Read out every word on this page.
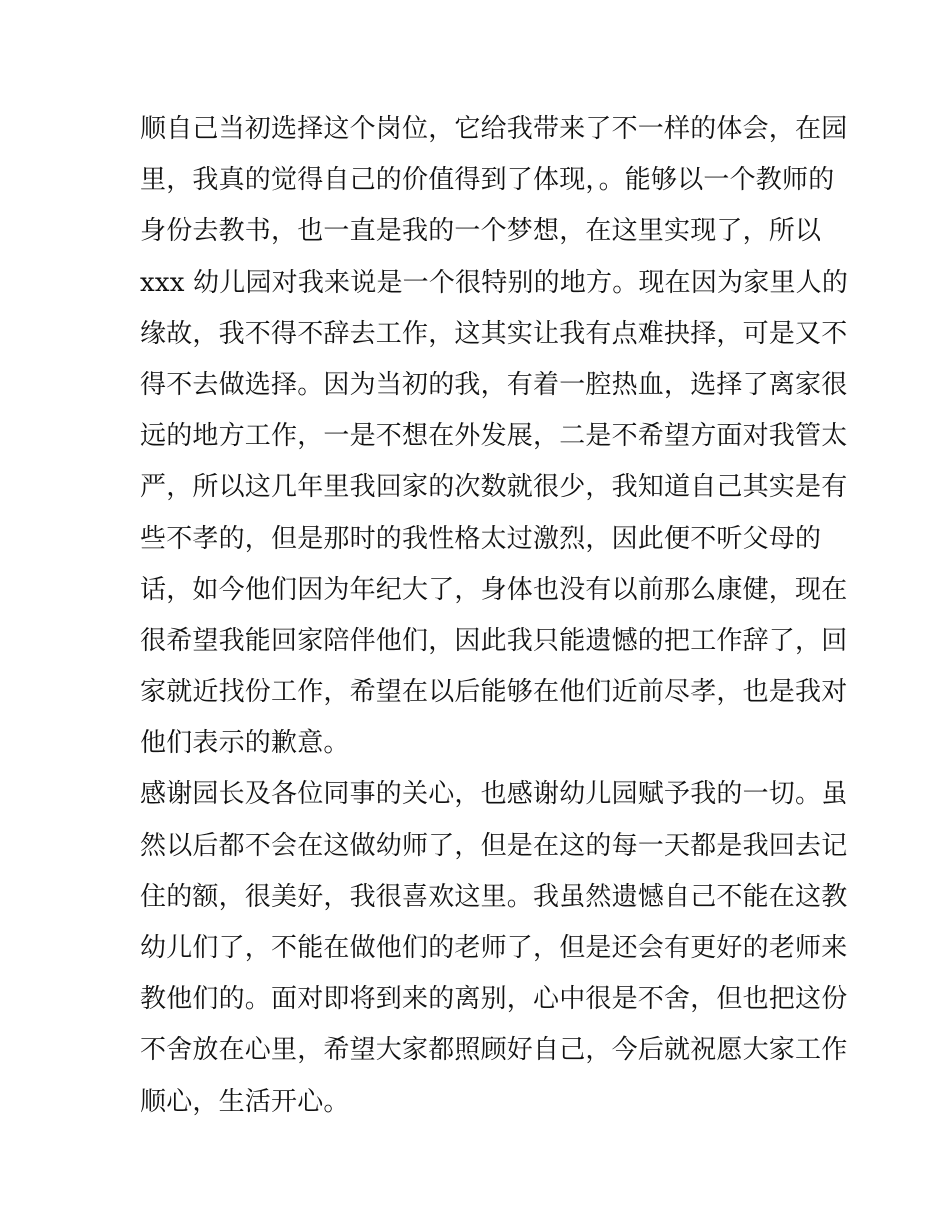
顺自己当初选择这个岗位，它给我带来了不一样的体会，在园
里，我真的觉得自己的价值得到了体现，。能够以一个教师的
身份去教书，也一直是我的一个梦想，在这里实现了，所以
xxx 幼儿园对我来说是一个很特别的地方。现在因为家里人的
缘故，我不得不辞去工作，这其实让我有点难抉择，可是又不
得不去做选择。因为当初的我，有着一腔热血，选择了离家很
远的地方工作，一是不想在外发展，二是不希望方面对我管太
严，所以这几年里我回家的次数就很少，我知道自己其实是有
些不孝的，但是那时的我性格太过激烈，因此便不听父母的
话，如今他们因为年纪大了，身体也没有以前那么康健，现在
很希望我能回家陪伴他们，因此我只能遗憾的把工作辞了，回
家就近找份工作，希望在以后能够在他们近前尽孝，也是我对
他们表示的歉意。
感谢园长及各位同事的关心，也感谢幼儿园赋予我的一切。虽
然以后都不会在这做幼师了，但是在这的每一天都是我回去记
住的额，很美好，我很喜欢这里。我虽然遗憾自己不能在这教
幼儿们了，不能在做他们的老师了，但是还会有更好的老师来
教他们的。面对即将到来的离别，心中很是不舍，但也把这份
不舍放在心里，希望大家都照顾好自己，今后就祝愿大家工作
顺心，生活开心。
